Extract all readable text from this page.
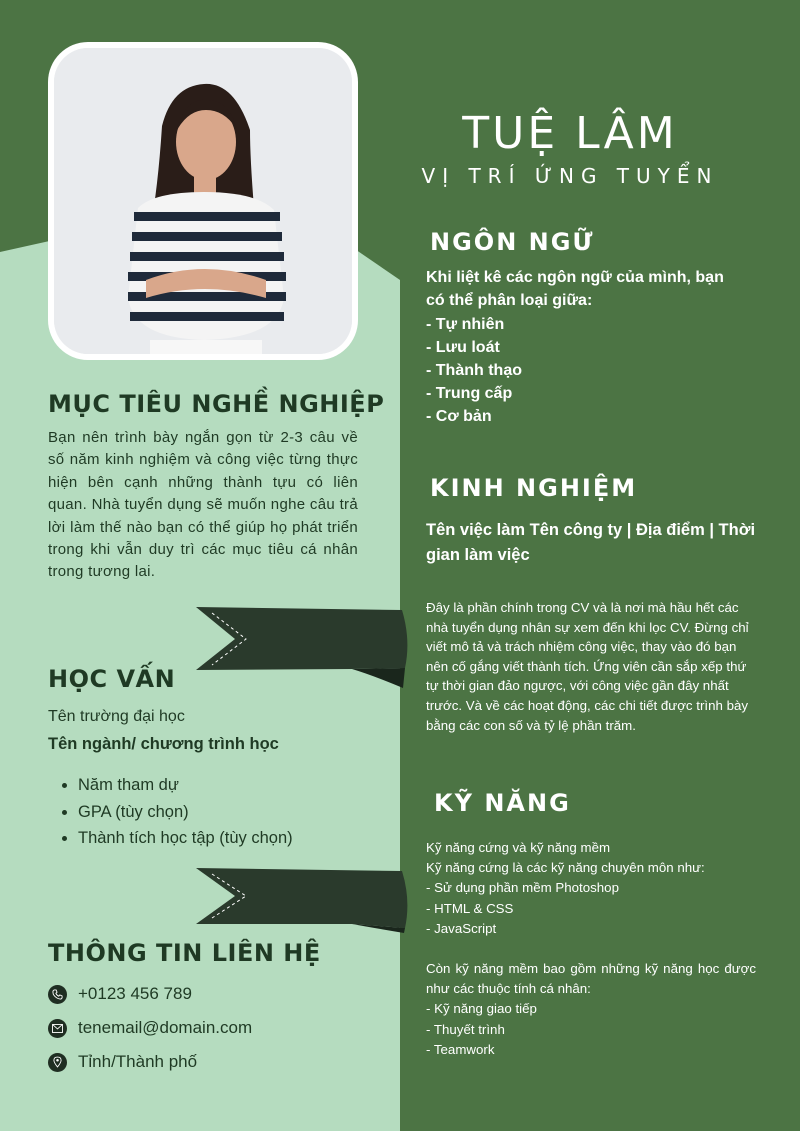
TUỆ LÂM
VỊ TRÍ ỨNG TUYỂN
NGÔN NGỮ

Khi liệt kê các ngôn ngữ của mình, bạn có thể phân loại giữa:

- Tự nhiên
- Lưu loát
- Thành thạo
- Trung cấp
- Cơ bản
KINH NGHIỆM

Tên việc làm Tên công ty | Địa điểm | Thời gian làm việc

Đây là phần chính trong CV và là nơi mà hầu hết các nhà tuyển dụng nhân sự xem đến khi lọc CV. Đừng chỉ viết mô tả và trách nhiệm công việc, thay vào đó bạn nên cố gắng viết thành tích. Ứng viên cần sắp xếp thứ tự thời gian đảo ngược, với công việc gần đây nhất trước. Và về các hoạt động, các chi tiết được trình bày bằng các con số và tỷ lệ phần trăm.

KỸ NĂNG

Kỹ năng cứng và kỹ năng mềm

Kỹ năng cứng là các kỹ năng chuyên môn như:

- Sử dụng phần mềm Photoshop
- HTML & CSS
- JavaScript

Còn kỹ năng mềm bao gồm những kỹ năng học được như các thuộc tính cá nhân:

- Kỹ năng giao tiếp
- Thuyết trình
- Teamwork
MỤC TIÊU NGHỀ NGHIỆP

Bạn nên trình bày ngắn gọn từ 2-3 câu về số năm kinh nghiệm và công việc từng thực hiện bên cạnh những thành tựu có liên quan. Nhà tuyển dụng sẽ muốn nghe câu trả lời làm thế nào bạn có thể giúp họ phát triển trong khi vẫn duy trì các mục tiêu cá nhân trong tương lai.

HỌC VẤN

Tên trường đại học

Tên ngành/ chương trình học

• Năm tham dự
• GPA (tùy chọn)
• Thành tích học tập (tùy chọn)
THÔNG TIN LIÊN HỆ
+0123 456 789
tenemail@domain.com
Tỉnh/Thành phố
